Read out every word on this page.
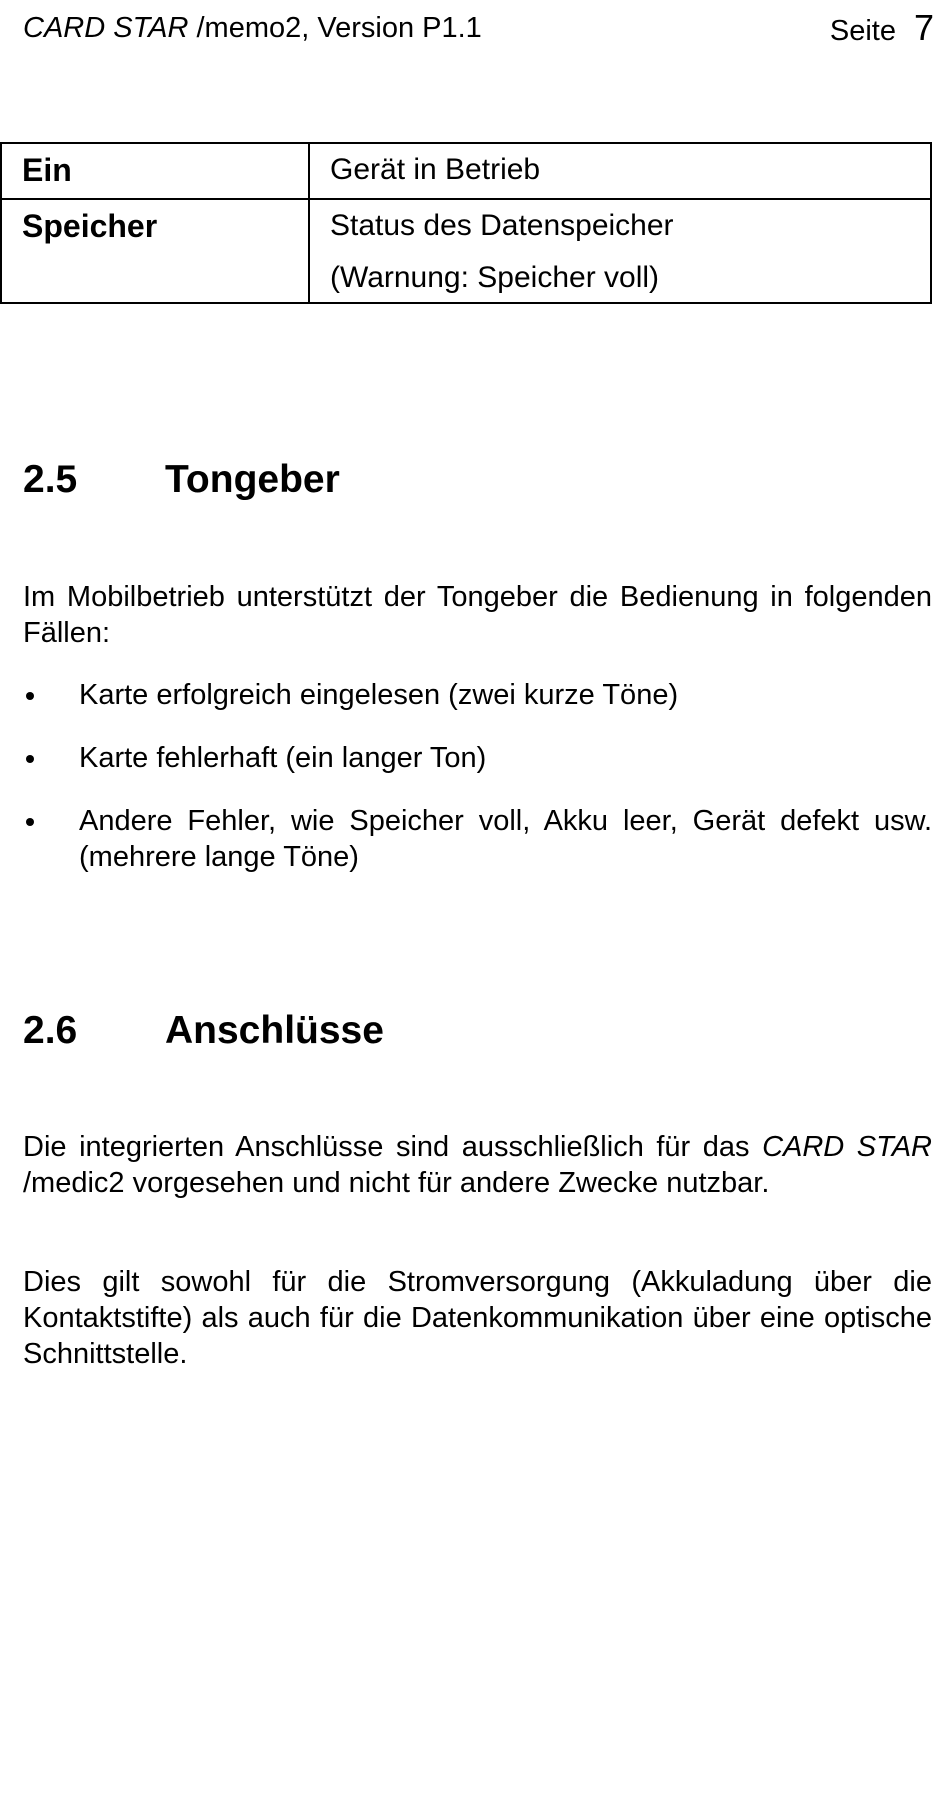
CARD STAR /memo2, Version P1.1	Seite 7
Ein	Gerät in Betrieb
Speicher	Status des Datenspeicher
(Warnung: Speicher voll)
2.5 Tongeber

Im Mobilbetrieb unterstützt der Tongeber die Bedienung in folgenden Fällen:

Karte erfolgreich eingelesen (zwei kurze Töne)
Karte fehlerhaft (ein langer Ton)
Andere Fehler, wie Speicher voll, Akku leer, Gerät defekt usw. (mehrere lange Töne)
2.6 Anschlüsse

Die integrierten Anschlüsse sind ausschließlich für das CARD STAR /medic2 vorgesehen und nicht für andere Zwecke nutzbar.

Dies gilt sowohl für die Stromversorgung (Akkuladung über die Kontaktstifte) als auch für die Datenkommunikation über eine optische Schnittstelle.
